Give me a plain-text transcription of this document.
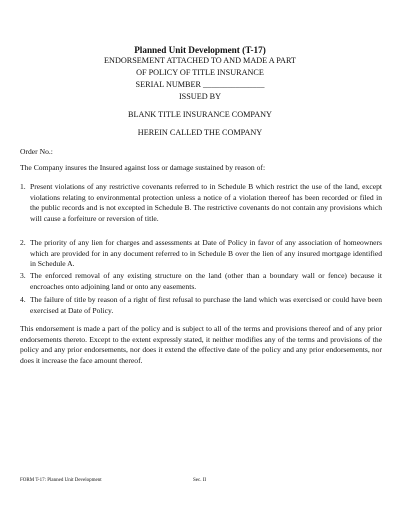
Planned Unit Development (T-17)
ENDORSEMENT ATTACHED TO AND MADE A PART
OF POLICY OF TITLE INSURANCE
SERIAL NUMBER _______________
ISSUED BY
BLANK TITLE INSURANCE COMPANY
HEREIN CALLED THE COMPANY
Order No.:
The Company insures the Insured against loss or damage sustained by reason of:
1. Present violations of any restrictive covenants referred to in Schedule B which restrict the use of the land, except violations relating to environmental protection unless a notice of a violation thereof has been recorded or filed in the public records and is not excepted in Schedule B. The restrictive covenants do not contain any provisions which will cause a forfeiture or reversion of title.
2. The priority of any lien for charges and assessments at Date of Policy in favor of any association of homeowners which are provided for in any document referred to in Schedule B over the lien of any insured mortgage identified in Schedule A.
3. The enforced removal of any existing structure on the land (other than a boundary wall or fence) because it encroaches onto adjoining land or onto any easements.
4. The failure of title by reason of a right of first refusal to purchase the land which was exercised or could have been exercised at Date of Policy.
This endorsement is made a part of the policy and is subject to all of the terms and provisions thereof and of any prior endorsements thereto. Except to the extent expressly stated, it neither modifies any of the terms and provisions of the policy and any prior endorsements, nor does it extend the effective date of the policy and any prior endorsements, nor does it increase the face amount thereof.
FORM T-17: Planned Unit Development	Sec. II
